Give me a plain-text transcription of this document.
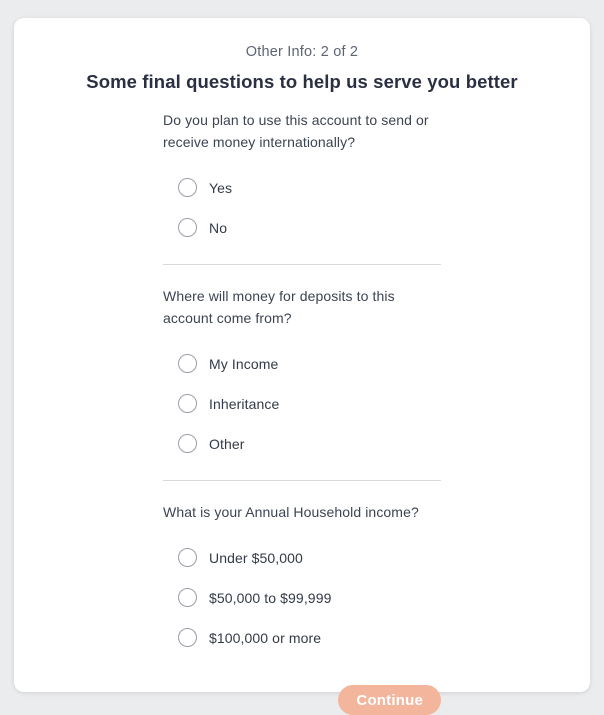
Other Info: 2 of 2
Some final questions to help us serve you better

Do you plan to use this account to send or receive money internationally?

Yes
No

Where will money for deposits to this account come from?

My Income
Inheritance
Other

What is your Annual Household income?

Under $50,000
$50,000 to $99,999
$100,000 or more
Continue
